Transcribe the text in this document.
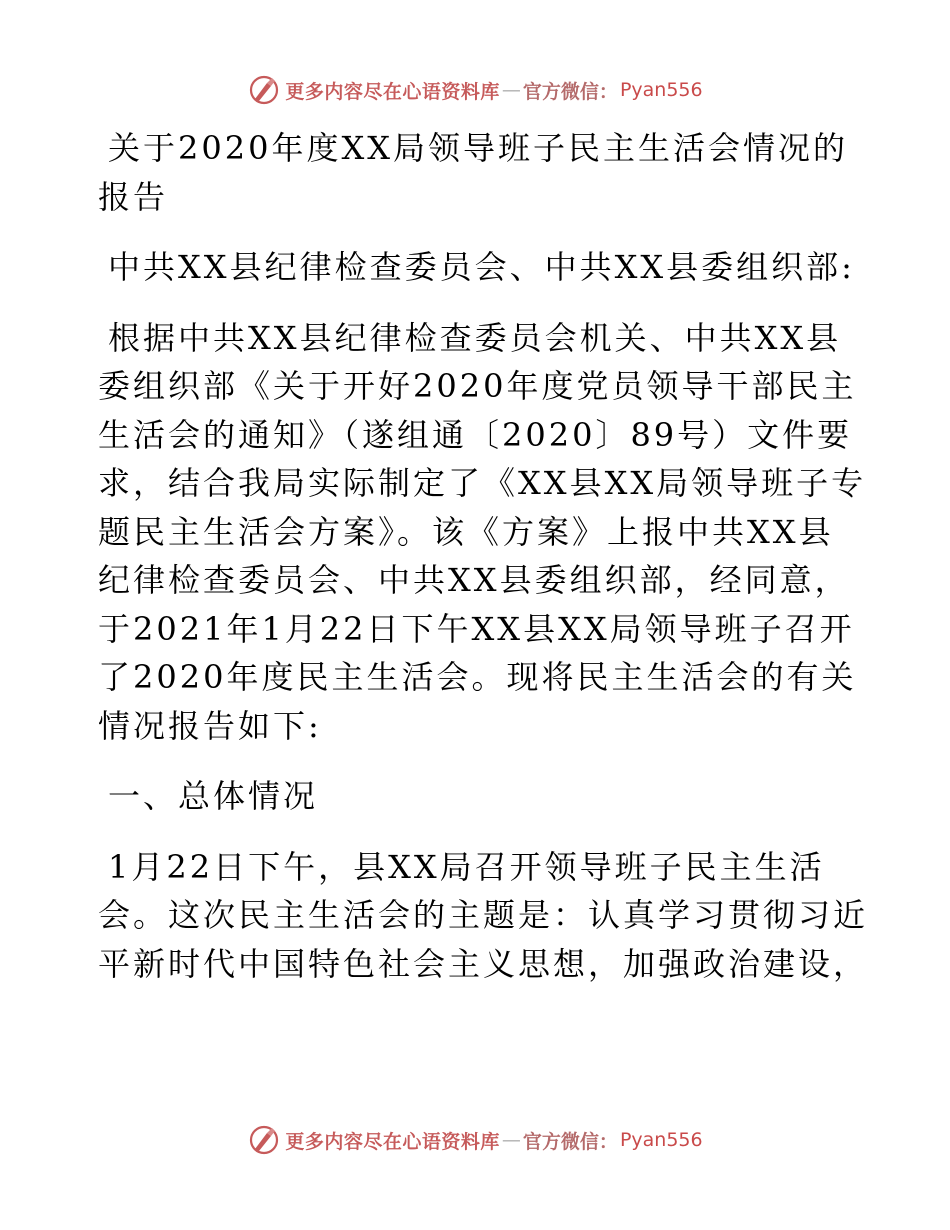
更多内容尽在心语资料库 — 官方微信： Pyan556

关于2020年度XX局领导班子民主生活会情况的报告

中共XX县纪律检查委员会、中共XX县委组织部:

根据中共XX县纪律检查委员会机关、中共XX县委组织部《关于开好2020年度党员领导干部民主生活会的通知》（遂组通〔2020〕89号）文件要求，结合我局实际制定了《XX县XX局领导班子专题民主生活会方案》。该《方案》上报中共XX县纪律检查委员会、中共XX县委组织部，经同意，于2021年1月22日下午XX县XX局领导班子召开了2020年度民主生活会。现将民主生活会的有关情况报告如下:

一、总体情况

1月22日下午，县XX局召开领导班子民主生活会。这次民主生活会的主题是：认真学习贯彻习近平新时代中国特色社会主义思想，加强政治建设，

更多内容尽在心语资料库 — 官方微信： Pyan556
